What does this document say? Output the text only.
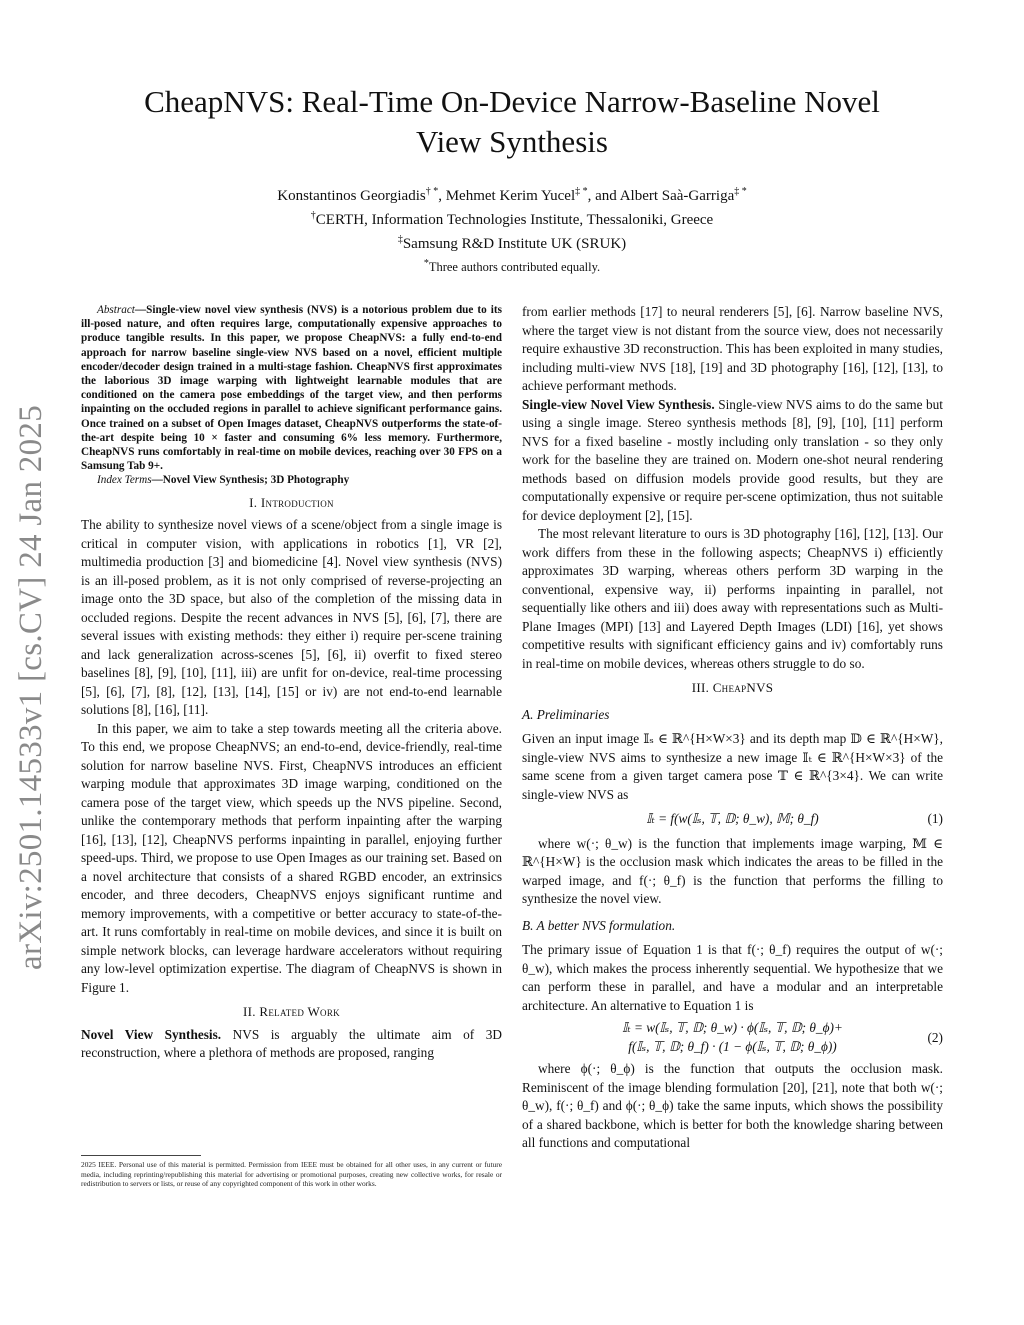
arXiv:2501.14533v1 [cs.CV] 24 Jan 2025
CheapNVS: Real-Time On-Device Narrow-Baseline Novel
View Synthesis
Konstantinos Georgiadis† *, Mehmet Kerim Yucel‡ *, and Albert Saà-Garriga‡ *
†CERTH, Information Technologies Institute, Thessaloniki, Greece
‡Samsung R&D Institute UK (SRUK)
*Three authors contributed equally.

Abstract—Single-view novel view synthesis (NVS) is a notorious problem due to its ill-posed nature, and often requires large, computationally expensive approaches to produce tangible results. In this paper, we propose CheapNVS: a fully end-to-end approach for narrow baseline single-view NVS based on a novel, efficient multiple encoder/decoder design trained in a multi-stage fashion. CheapNVS first approximates the laborious 3D image warping with lightweight learnable modules that are conditioned on the camera pose embeddings of the target view, and then performs inpainting on the occluded regions in parallel to achieve significant performance gains. Once trained on a subset of Open Images dataset, CheapNVS outperforms the state-of-the-art despite being 10 × faster and consuming 6% less memory. Furthermore, CheapNVS runs comfortably in real-time on mobile devices, reaching over 30 FPS on a Samsung Tab 9+.

Index Terms—Novel View Synthesis; 3D Photography

I. Introduction

The ability to synthesize novel views of a scene/object from a single image is critical in computer vision, with applications in robotics [1], VR [2], multimedia production [3] and biomedicine [4]. Novel view synthesis (NVS) is an ill-posed problem, as it is not only comprised of reverse-projecting an image onto the 3D space, but also of the completion of the missing data in occluded regions. Despite the recent advances in NVS [5], [6], [7], there are several issues with existing methods: they either i) require per-scene training and lack generalization across-scenes [5], [6], ii) overfit to fixed stereo baselines [8], [9], [10], [11], iii) are unfit for on-device, real-time processing [5], [6], [7], [8], [12], [13], [14], [15] or iv) are not end-to-end learnable solutions [8], [16], [11].

In this paper, we aim to take a step towards meeting all the criteria above. To this end, we propose CheapNVS; an end-to-end, device-friendly, real-time solution for narrow baseline NVS. First, CheapNVS introduces an efficient warping module that approximates 3D image warping, conditioned on the camera pose of the target view, which speeds up the NVS pipeline. Second, unlike the contemporary methods that perform inpainting after the warping [16], [13], [12], CheapNVS performs inpainting in parallel, enjoying further speed-ups. Third, we propose to use Open Images as our training set. Based on a novel architecture that consists of a shared RGBD encoder, an extrinsics encoder, and three decoders, CheapNVS enjoys significant runtime and memory improvements, with a competitive or better accuracy to state-of-the-art. It runs comfortably in real-time on mobile devices, and since it is built on simple network blocks, can leverage hardware accelerators without requiring any low-level optimization expertise. The diagram of CheapNVS is shown in Figure 1.

II. Related Work

Novel View Synthesis. NVS is arguably the ultimate aim of 3D reconstruction, where a plethora of methods are proposed, ranging

2025 IEEE. Personal use of this material is permitted. Permission from IEEE must be obtained for all other uses, in any current or future media, including reprinting/republishing this material for advertising or promotional purposes, creating new collective works, for resale or redistribution to servers or lists, or reuse of any copyrighted component of this work in other works.

from earlier methods [17] to neural renderers [5], [6]. Narrow baseline NVS, where the target view is not distant from the source view, does not necessarily require exhaustive 3D reconstruction. This has been exploited in many studies, including multi-view NVS [18], [19] and 3D photography [16], [12], [13], to achieve performant methods.

Single-view Novel View Synthesis. Single-view NVS aims to do the same but using a single image. Stereo synthesis methods [8], [9], [10], [11] perform NVS for a fixed baseline - mostly including only translation - so they only work for the baseline they are trained on. Modern one-shot neural rendering methods based on diffusion models provide good results, but they are computationally expensive or require per-scene optimization, thus not suitable for device deployment [2], [15].

The most relevant literature to ours is 3D photography [16], [12], [13]. Our work differs from these in the following aspects; CheapNVS i) efficiently approximates 3D warping, whereas others perform 3D warping in the conventional, expensive way, ii) performs inpainting in parallel, not sequentially like others and iii) does away with representations such as Multi-Plane Images (MPI) [13] and Layered Depth Images (LDI) [16], yet shows competitive results with significant efficiency gains and iv) comfortably runs in real-time on mobile devices, whereas others struggle to do so.

III. CheapNVS
A. Preliminaries

Given an input image 𝕀ₛ ∈ ℝ^{H×W×3} and its depth map 𝔻 ∈ ℝ^{H×W}, single-view NVS aims to synthesize a new image 𝕀ₜ ∈ ℝ^{H×W×3} of the same scene from a given target camera pose 𝕋 ∈ ℝ^{3×4}. We can write single-view NVS as

𝕀ₜ = f(w(𝕀ₛ, 𝕋, 𝔻; θ_w), 𝕄; θ_f)	(1)

where w(·; θ_w) is the function that implements image warping, 𝕄 ∈ ℝ^{H×W} is the occlusion mask which indicates the areas to be filled in the warped image, and f(·; θ_f) is the function that performs the filling to synthesize the novel view.

B. A better NVS formulation.

The primary issue of Equation 1 is that f(·; θ_f) requires the output of w(·; θ_w), which makes the process inherently sequential. We hypothesize that we can perform these in parallel, and have a modular and an interpretable architecture. An alternative to Equation 1 is

𝕀ₜ = w(𝕀ₛ, 𝕋, 𝔻; θ_w) · ϕ(𝕀ₛ, 𝕋, 𝔻; θ_ϕ)+
f(𝕀ₛ, 𝕋, 𝔻; θ_f) · (1 − ϕ(𝕀ₛ, 𝕋, 𝔻; θ_ϕ))
(2)

where ϕ(·; θ_ϕ) is the function that outputs the occlusion mask. Reminiscent of the image blending formulation [20], [21], note that both w(·; θ_w), f(·; θ_f) and ϕ(·; θ_ϕ) take the same inputs, which shows the possibility of a shared backbone, which is better for both the knowledge sharing between all functions and computational
